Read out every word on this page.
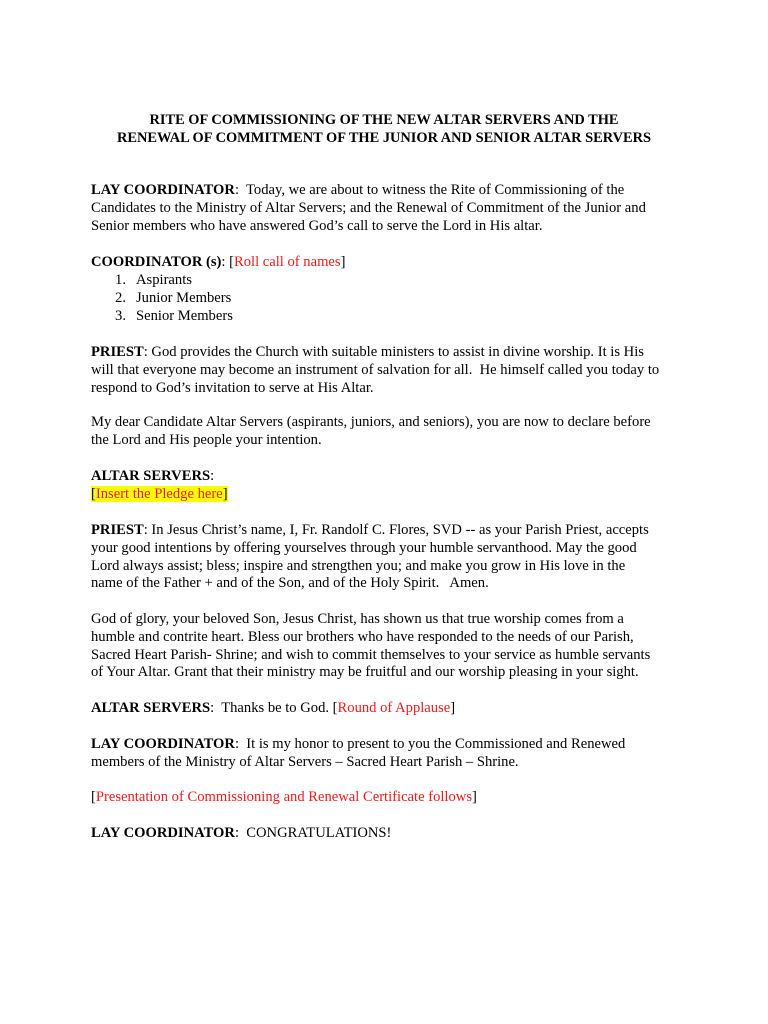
RITE OF COMMISSIONING OF THE NEW ALTAR SERVERS AND THE
RENEWAL OF COMMITMENT OF THE JUNIOR AND SENIOR ALTAR SERVERS
LAY COORDINATOR:  Today, we are about to witness the Rite of Commissioning of the
Candidates to the Ministry of Altar Servers; and the Renewal of Commitment of the Junior and
Senior members who have answered God’s call to serve the Lord in His altar.
COORDINATOR (s): [Roll call of names]
1. Aspirants
2. Junior Members
3. Senior Members
PRIEST: God provides the Church with suitable ministers to assist in divine worship. It is His
will that everyone may become an instrument of salvation for all.  He himself called you today to
respond to God’s invitation to serve at His Altar.
My dear Candidate Altar Servers (aspirants, juniors, and seniors), you are now to declare before
the Lord and His people your intention.
ALTAR SERVERS:
[Insert the Pledge here]
PRIEST: In Jesus Christ’s name, I, Fr. Randolf C. Flores, SVD -- as your Parish Priest, accepts
your good intentions by offering yourselves through your humble servanthood. May the good
Lord always assist; bless; inspire and strengthen you; and make you grow in His love in the
name of the Father + and of the Son, and of the Holy Spirit.   Amen.
God of glory, your beloved Son, Jesus Christ, has shown us that true worship comes from a
humble and contrite heart. Bless our brothers who have responded to the needs of our Parish,
Sacred Heart Parish- Shrine; and wish to commit themselves to your service as humble servants
of Your Altar. Grant that their ministry may be fruitful and our worship pleasing in your sight.
ALTAR SERVERS:  Thanks be to God. [Round of Applause]
LAY COORDINATOR:  It is my honor to present to you the Commissioned and Renewed
members of the Ministry of Altar Servers – Sacred Heart Parish – Shrine.
[Presentation of Commissioning and Renewal Certificate follows]
LAY COORDINATOR:  CONGRATULATIONS!
